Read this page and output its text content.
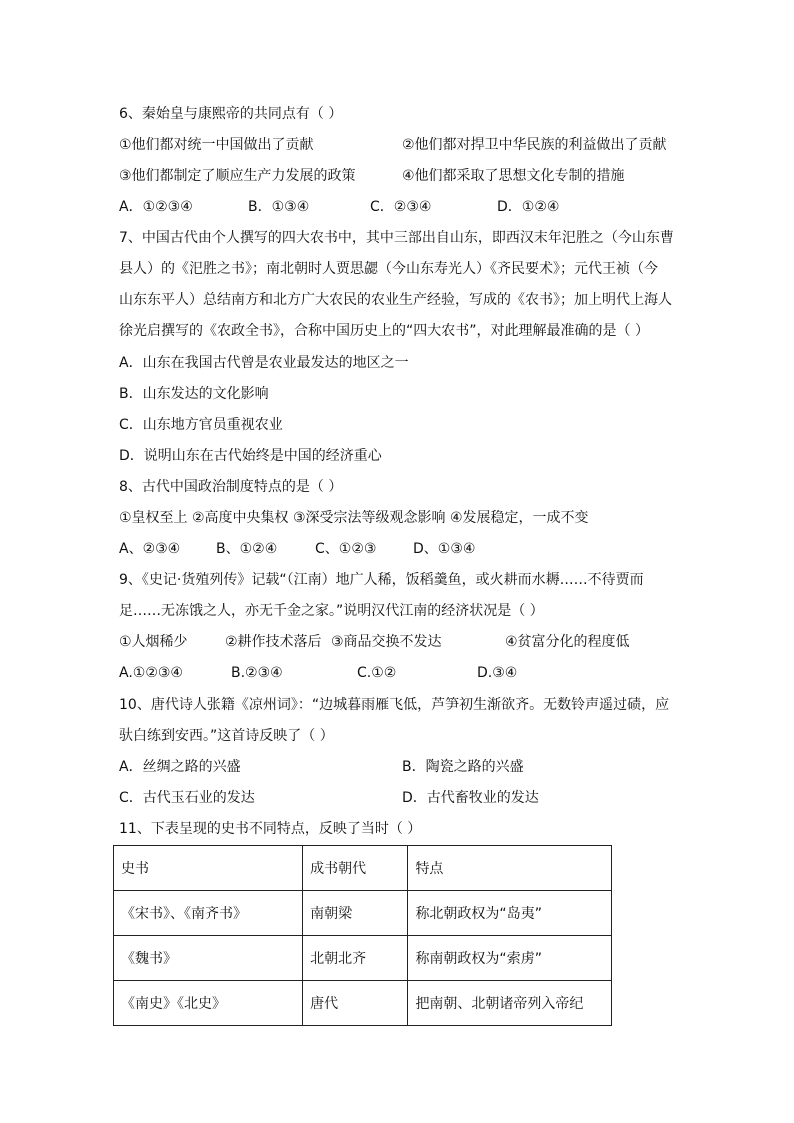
6、秦始皇与康熙帝的共同点有（ ）
①他们都对统一中国做出了贡献	②他们都对捍卫中华民族的利益做出了贡献
③他们都制定了顺应生产力发展的政策	④他们都采取了思想文化专制的措施
A．①②③④	B．①③④	C．②③④	D．①②④
7、中国古代由个人撰写的四大农书中，其中三部出自山东，即西汉末年汜胜之（今山东曹
县人）的《汜胜之书》；南北朝时人贾思勰（今山东寿光人）《齐民要术》；元代王祯（今
山东东平人）总结南方和北方广大农民的农业生产经验，写成的《农书》；加上明代上海人
徐光启撰写的《农政全书》，合称中国历史上的“四大农书”，对此理解最准确的是（ ）
A．山东在我国古代曾是农业最发达的地区之一
B．山东发达的文化影响
C．山东地方官员重视农业
D．说明山东在古代始终是中国的经济重心
8、古代中国政治制度特点的是（ ）
①皇权至上 ②高度中央集权 ③深受宗法等级观念影响 ④发展稳定，一成不变
A、②③④	B、①②④	C、①②③	D、①③④
9、《史记·货殖列传》记载“（江南）地广人稀，饭稻羹鱼，或火耕而水耨……不待贾而
足……无冻饿之人，亦无千金之家。”说明汉代江南的经济状况是（ ）
①人烟稀少	②耕作技术落后 ③商品交换不发达	④贫富分化的程度低
A.①②③④	B.②③④	C.①②	D.③④
10、唐代诗人张籍《凉州词》：“边城暮雨雁飞低，芦笋初生渐欲齐。无数铃声遥过碛，应
驮白练到安西。”这首诗反映了（ ）
A．丝绸之路的兴盛	B．陶瓷之路的兴盛
C．古代玉石业的发达	D．古代畜牧业的发达
11、下表呈现的史书不同特点，反映了当时（ ）
史书	成书朝代	特点
《宋书》、《南齐书》	南朝梁	称北朝政权为“岛夷”
《魏书》	北朝北齐	称南朝政权为“索虏”
《南史》《北史》	唐代	把南朝、北朝诸帝列入帝纪
